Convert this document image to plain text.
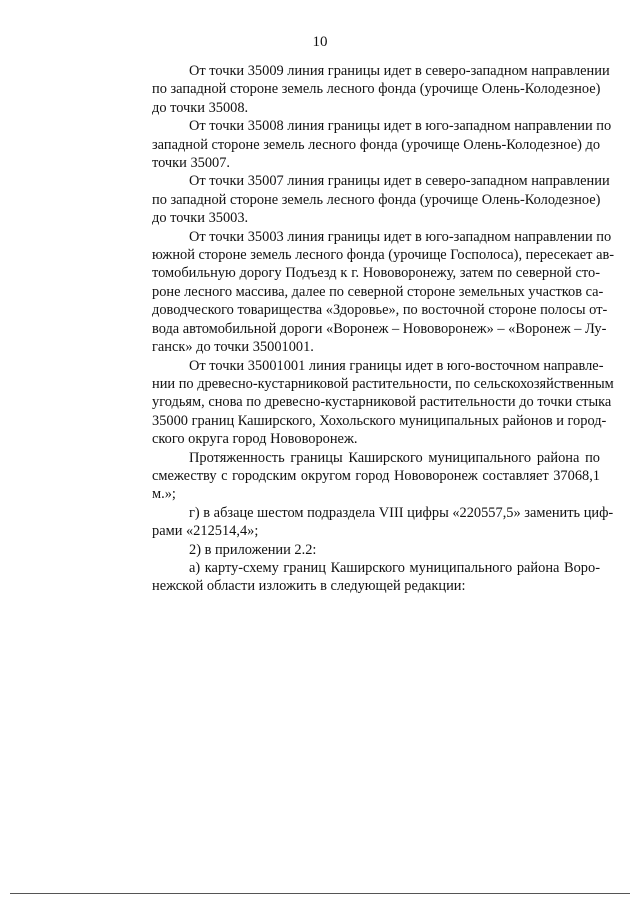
10
От точки 35009 линия границы идет в северо-западном направлении
по западной стороне земель лесного фонда (урочище Олень-Колодезное)
до точки 35008.
От точки 35008 линия границы идет в юго-западном направлении по
западной стороне земель лесного фонда (урочище Олень-Колодезное) до
точки 35007.
От точки 35007 линия границы идет в северо-западном направлении
по западной стороне земель лесного фонда (урочище Олень-Колодезное)
до точки 35003.
От точки 35003 линия границы идет в юго-западном направлении по
южной стороне земель лесного фонда (урочище Госполоса), пересекает ав-
томобильную дорогу Подъезд к г. Нововоронежу, затем по северной сто-
роне лесного массива, далее по северной стороне земельных участков са-
доводческого товарищества «Здоровье», по восточной стороне полосы от-
вода автомобильной дороги «Воронеж – Нововоронеж» – «Воронеж – Лу-
ганск» до точки 35001001.
От точки 35001001 линия границы идет в юго-восточном направле-
нии по древесно-кустарниковой растительности, по сельскохозяйственным
угодьям, снова по древесно-кустарниковой растительности до точки стыка
35000 границ Каширского, Хохольского муниципальных районов и город-
ского округа город Нововоронеж.
Протяженность границы Каширского муниципального района по
смежеству с городским округом город Нововоронеж составляет 37068,1
м.»;
г) в абзаце шестом подраздела VIII цифры «220557,5» заменить циф-
рами «212514,4»;
2) в приложении 2.2:
а) карту-схему границ Каширского муниципального района Воро-
нежской области изложить в следующей редакции:
